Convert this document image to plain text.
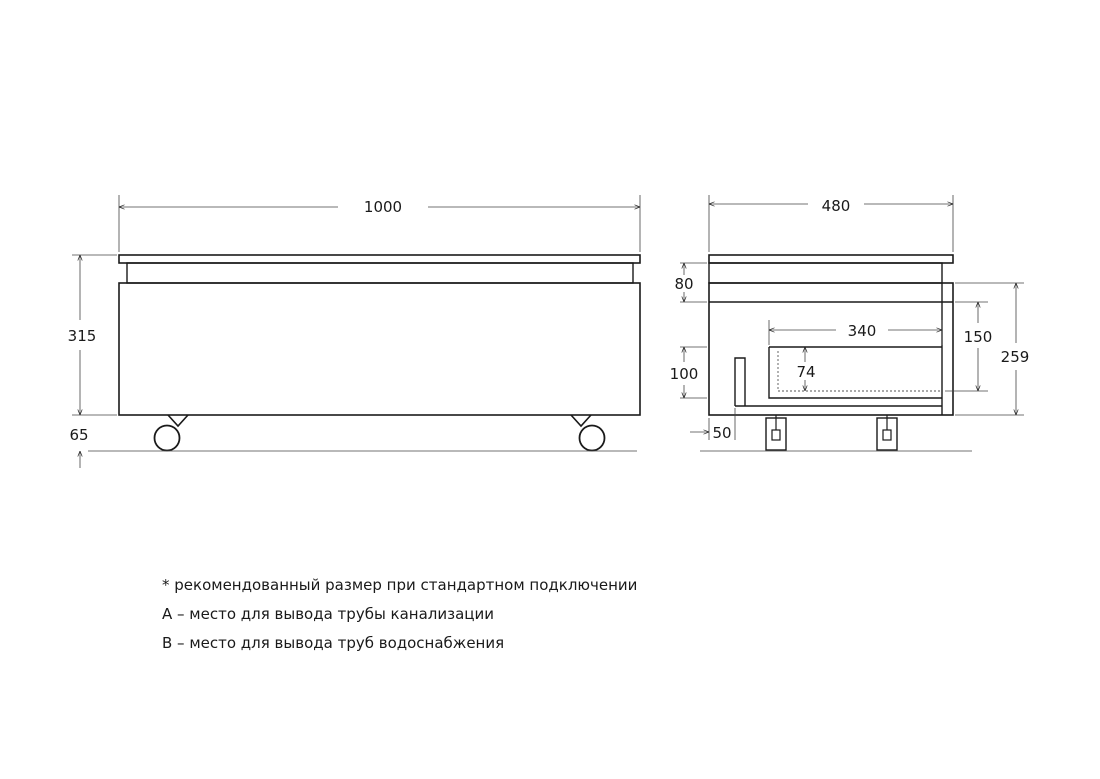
1000
315
65
480
80
340
100	74
150
259
50
* рекомендованный размер при стандартном подключении
А – место для вывода трубы канализации
В – место для вывода труб водоснабжения
